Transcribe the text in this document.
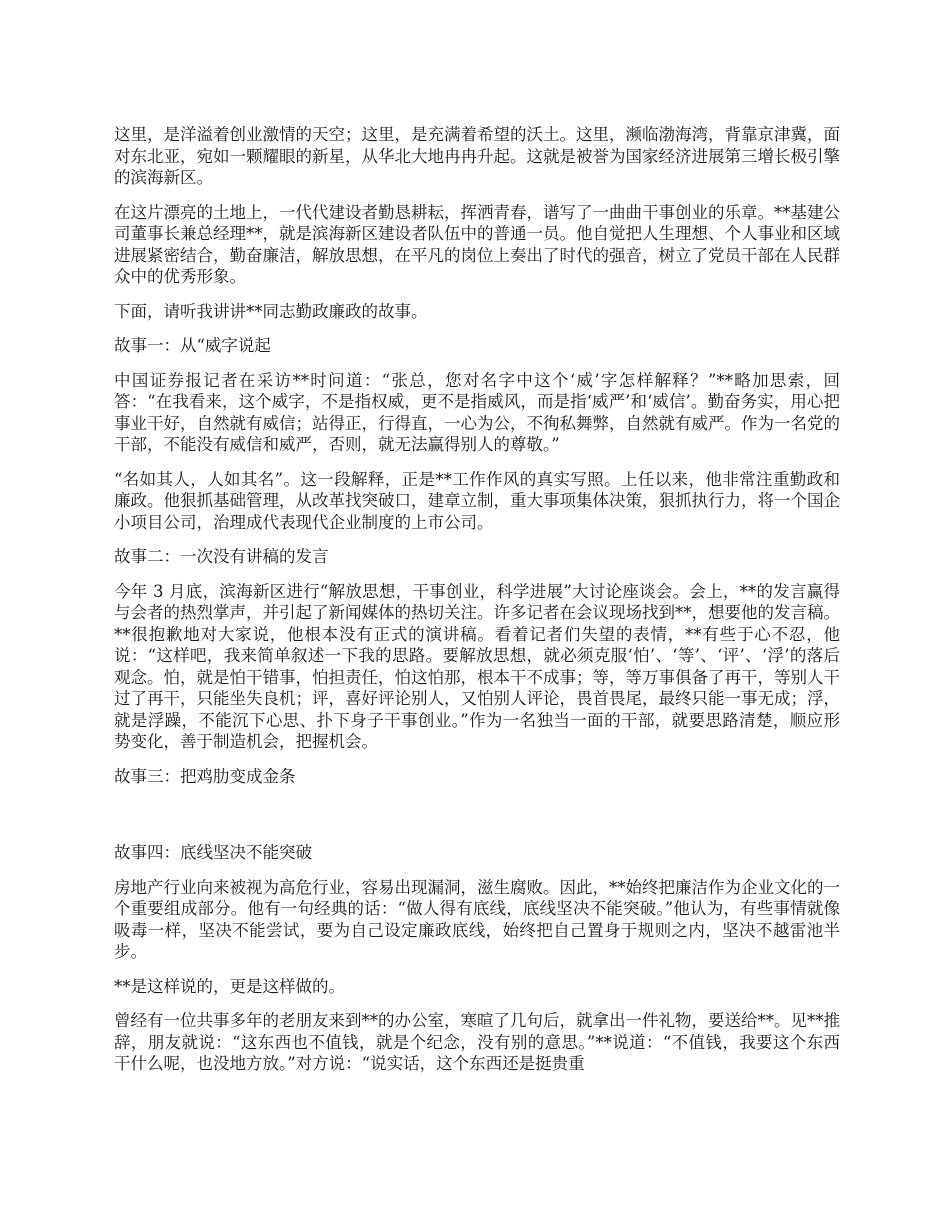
这里，是洋溢着创业激情的天空；这里，是充满着希望的沃土。这里，濒临渤海湾，背靠京津冀，面对东北亚，宛如一颗耀眼的新星，从华北大地冉冉升起。这就是被誉为国家经济进展第三增长极引擎的滨海新区。

在这片漂亮的土地上，一代代建设者勤恳耕耘，挥洒青春，谱写了一曲曲干事创业的乐章。**基建公司董事长兼总经理**，就是滨海新区建设者队伍中的普通一员。他自觉把人生理想、个人事业和区域进展紧密结合，勤奋廉洁，解放思想，在平凡的岗位上奏出了时代的强音，树立了党员干部在人民群众中的优秀形象。

下面，请听我讲讲**同志勤政廉政的故事。

故事一：从“威字说起

中国证券报记者在采访**时问道：“张总，您对名字中这个‘威’字怎样解释？”**略加思索，回答：“在我看来，这个威字，不是指权威，更不是指威风，而是指‘威严’和‘威信’。勤奋务实，用心把事业干好，自然就有威信；站得正，行得直，一心为公，不徇私舞弊，自然就有威严。作为一名党的干部，不能没有威信和威严，否则，就无法赢得别人的尊敬。”

“名如其人，人如其名”。这一段解释，正是**工作作风的真实写照。上任以来，他非常注重勤政和廉政。他狠抓基础管理，从改革找突破口，建章立制，重大事项集体决策，狠抓执行力，将一个国企小项目公司，治理成代表现代企业制度的上市公司。

故事二：一次没有讲稿的发言

今年 3 月底，滨海新区进行“解放思想，干事创业，科学进展”大讨论座谈会。会上，**的发言赢得与会者的热烈掌声，并引起了新闻媒体的热切关注。许多记者在会议现场找到**，想要他的发言稿。**很抱歉地对大家说，他根本没有正式的演讲稿。看着记者们失望的表情，**有些于心不忍，他说：“这样吧，我来简单叙述一下我的思路。要解放思想，就必须克服‘怕’、‘等’、‘评’、‘浮’的落后观念。怕，就是怕干错事，怕担责任，怕这怕那，根本干不成事；等，等万事俱备了再干，等别人干过了再干，只能坐失良机；评，喜好评论别人，又怕别人评论，畏首畏尾，最终只能一事无成；浮，就是浮躁，不能沉下心思、扑下身子干事创业。”作为一名独当一面的干部，就要思路清楚，顺应形势变化，善于制造机会，把握机会。

故事三：把鸡肋变成金条

故事四：底线坚决不能突破

房地产行业向来被视为高危行业，容易出现漏洞，滋生腐败。因此，**始终把廉洁作为企业文化的一个重要组成部分。他有一句经典的话：“做人得有底线，底线坚决不能突破。”他认为，有些事情就像吸毒一样，坚决不能尝试，要为自己设定廉政底线，始终把自己置身于规则之内，坚决不越雷池半步。

**是这样说的，更是这样做的。

曾经有一位共事多年的老朋友来到**的办公室，寒暄了几句后，就拿出一件礼物，要送给**。见**推辞，朋友就说：“这东西也不值钱，就是个纪念，没有别的意思。”**说道：“不值钱，我要这个东西干什么呢，也没地方放。”对方说：“说实话，这个东西还是挺贵重
